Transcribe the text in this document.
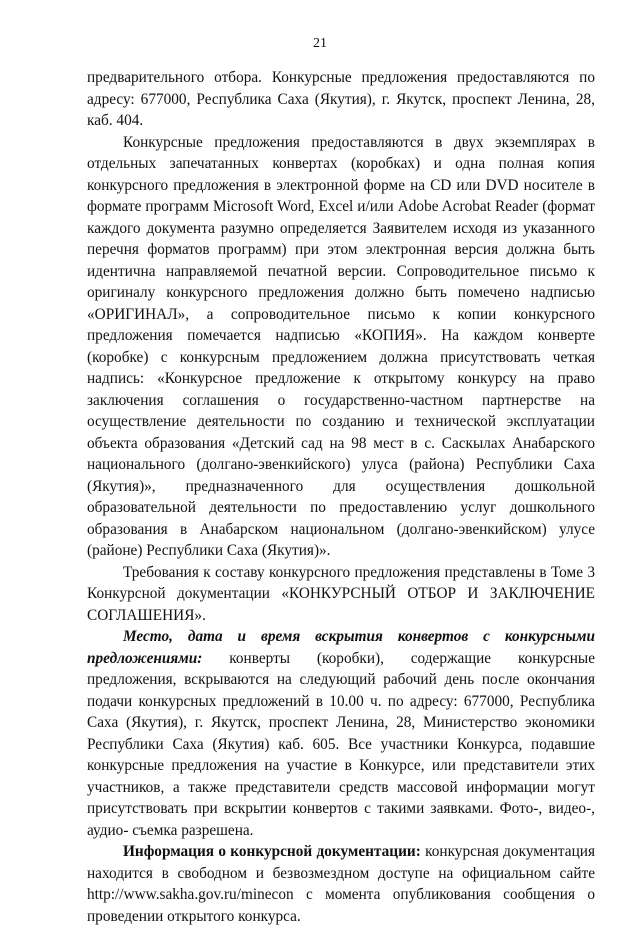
21
предварительного отбора. Конкурсные предложения предоставляются по
адресу: 677000, Республика Саха (Якутия), г. Якутск, проспект Ленина, 28,
каб. 404.
Конкурсные предложения предоставляются в двух экземплярах в
отдельных запечатанных конвертах (коробках) и одна полная копия
конкурсного предложения в электронной форме на CD или DVD носителе в
формате программ Microsoft Word, Excel и/или Adobe Acrobat Reader (формат
каждого документа разумно определяется Заявителем исходя из указанного
перечня форматов программ) при этом электронная версия должна быть
идентична направляемой печатной версии. Сопроводительное письмо к
оригиналу конкурсного предложения должно быть помечено надписью
«ОРИГИНАЛ», а сопроводительное письмо к копии конкурсного
предложения помечается надписью «КОПИЯ». На каждом конверте
(коробке) с конкурсным предложением должна присутствовать четкая
надпись: «Конкурсное предложение к открытому конкурсу на право
заключения соглашения о государственно-частном партнерстве на
осуществление деятельности по созданию и технической эксплуатации
объекта образования «Детский сад на 98 мест в с. Саскылах Анабарского
национального (долгано-эвенкийского) улуса (района) Республики Саха
(Якутия)», предназначенного для осуществления дошкольной
образовательной деятельности по предоставлению услуг дошкольного
образования в Анабарском национальном (долгано-эвенкийском) улусе
(районе) Республики Саха (Якутия)».
Требования к составу конкурсного предложения представлены в Томе 3
Конкурсной документации «КОНКУРСНЫЙ ОТБОР И ЗАКЛЮЧЕНИЕ
СОГЛАШЕНИЯ».
Место, дата и время вскрытия конвертов с конкурсными
предложениями: конверты (коробки), содержащие конкурсные
предложения, вскрываются на следующий рабочий день после окончания
подачи конкурсных предложений в 10.00 ч. по адресу: 677000, Республика
Саха (Якутия), г. Якутск, проспект Ленина, 28, Министерство экономики
Республики Саха (Якутия) каб. 605. Все участники Конкурса, подавшие
конкурсные предложения на участие в Конкурсе, или представители этих
участников, а также представители средств массовой информации могут
присутствовать при вскрытии конвертов с такими заявками. Фото-, видео-,
аудио- съемка разрешена.
Информация о конкурсной документации: конкурсная документация
находится в свободном и безвозмездном доступе на официальном сайте
http://www.sakha.gov.ru/minecon с момента опубликования сообщения о
проведении открытого конкурса.
